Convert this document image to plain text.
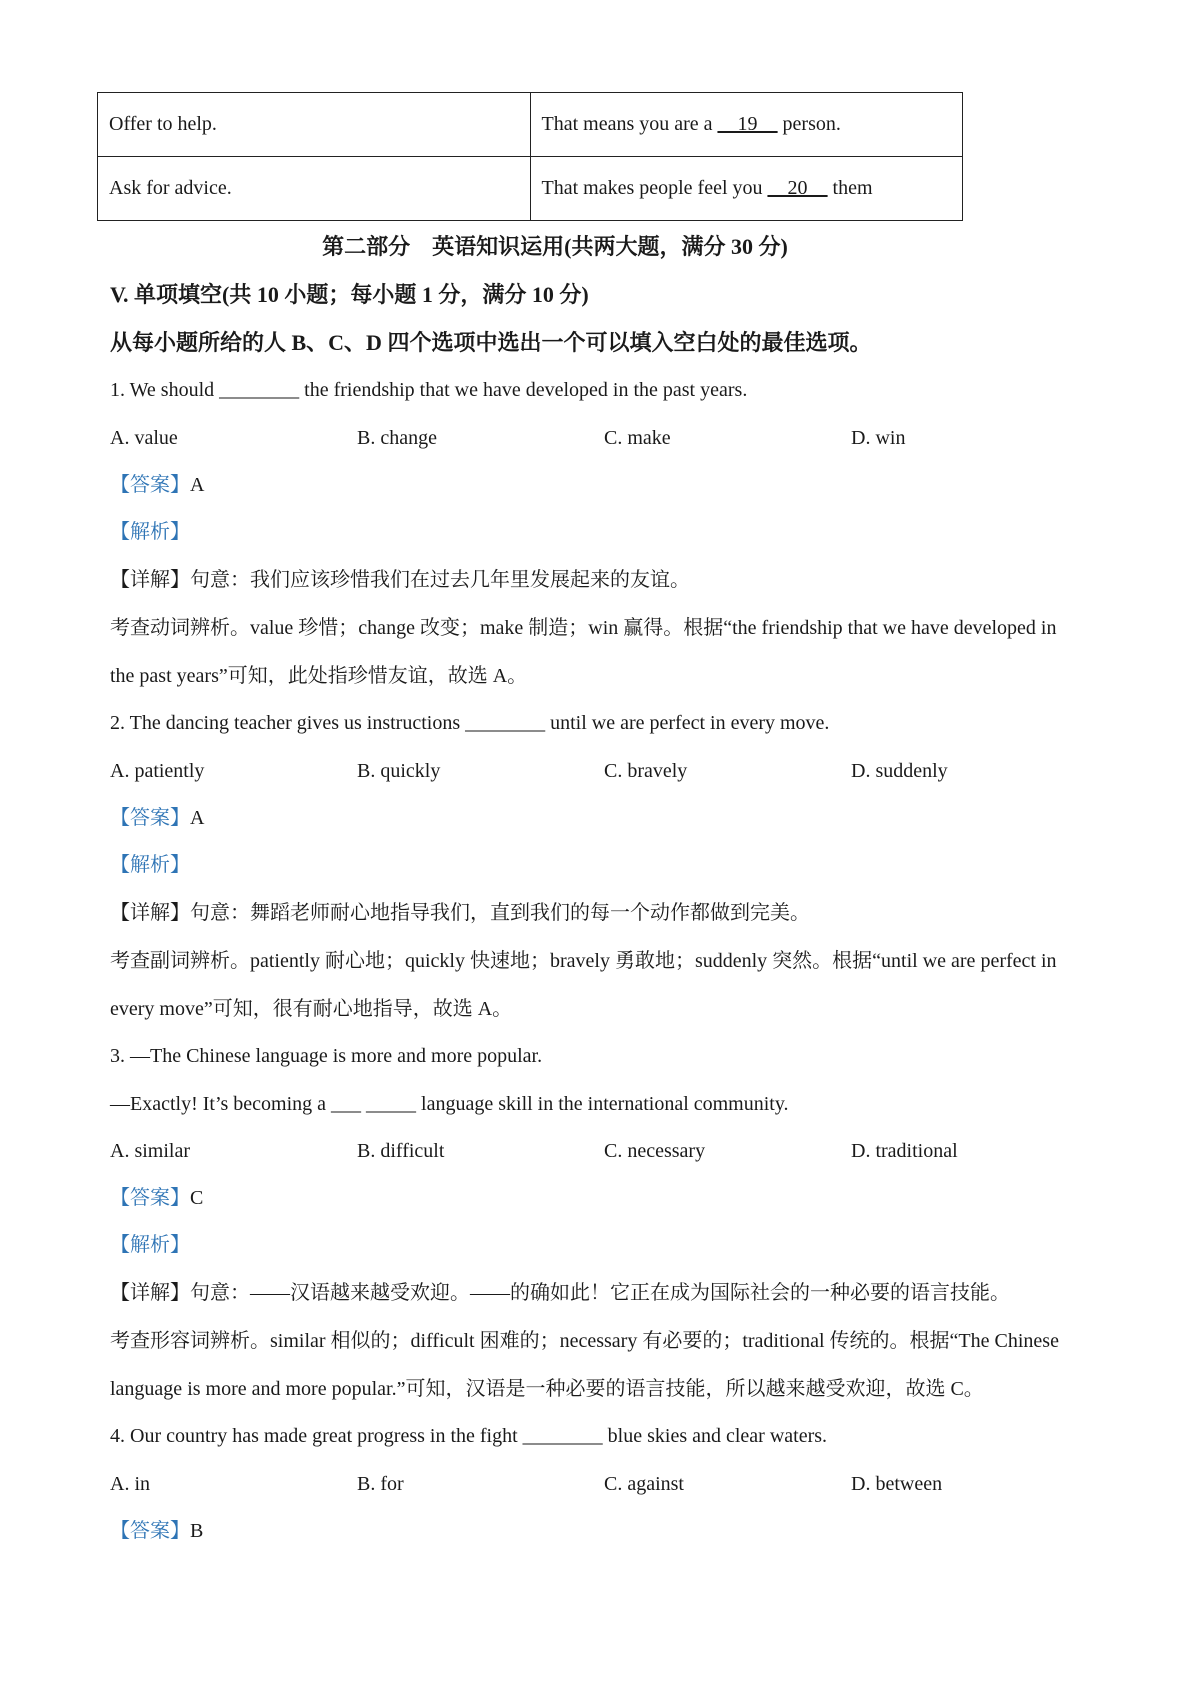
Offer to help.	That means you are a __19__ person.
Ask for advice.	That makes people feel you __20__ them
第二部分　英语知识运用(共两大题，满分 30 分)
V. 单项填空(共 10 小题；每小题 1 分，满分 10 分)
从每小题所给的人 B、C、D 四个选项中选出一个可以填入空白处的最佳选项。
1. We should ________ the friendship that we have developed in the past years.
A. value	B. change	C. make	D. win
【答案】A
【解析】
【详解】句意：我们应该珍惜我们在过去几年里发展起来的友谊。
考查动词辨析。value 珍惜；change 改变；make 制造；win 赢得。根据“the friendship that we have developed in
the past years”可知，此处指珍惜友谊，故选 A。
2. The dancing teacher gives us instructions ________ until we are perfect in every move.
A. patiently	B. quickly	C. bravely	D. suddenly
【答案】A
【解析】
【详解】句意：舞蹈老师耐心地指导我们，直到我们的每一个动作都做到完美。
考查副词辨析。patiently 耐心地；quickly 快速地；bravely 勇敢地；suddenly 突然。根据“until we are perfect in
every move”可知，很有耐心地指导，故选 A。
3. —The Chinese language is more and more popular.
—Exactly! It’s becoming a ___ _____ language skill in the international community.
A. similar	B. difficult	C. necessary	D. traditional
【答案】C
【解析】
【详解】句意：——汉语越来越受欢迎。——的确如此！它正在成为国际社会的一种必要的语言技能。
考查形容词辨析。similar 相似的；difficult 困难的；necessary 有必要的；traditional 传统的。根据“The Chinese
language is more and more popular.”可知，汉语是一种必要的语言技能，所以越来越受欢迎，故选 C。
4. Our country has made great progress in the fight ________ blue skies and clear waters.
A. in	B. for	C. against	D. between
【答案】B
